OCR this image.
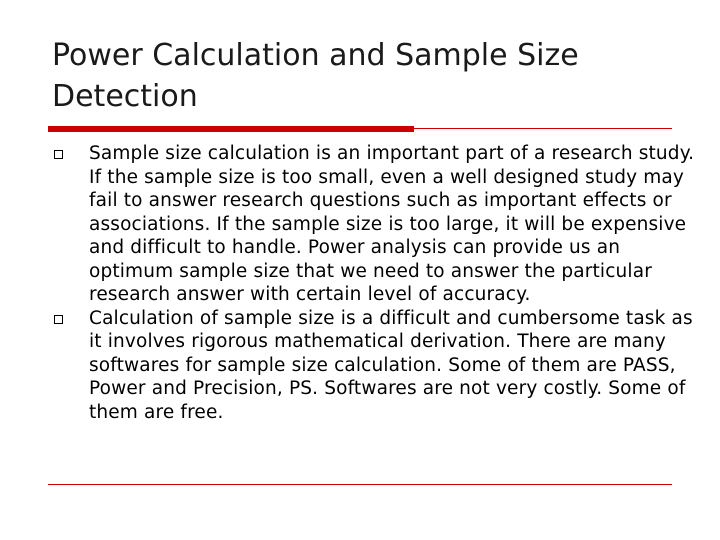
Power Calculation and Sample Size Detection
Sample size calculation is an important part of a research study. If the sample size is too small, even a well designed study may fail to answer research questions such as important effects or associations. If the sample size is too large, it will be expensive and difficult to handle. Power analysis can provide us an optimum sample size that we need to answer the particular research answer with certain level of accuracy.
Calculation of sample size is a difficult and cumbersome task as it involves rigorous mathematical derivation. There are many softwares for sample size calculation. Some of them are PASS, Power and Precision, PS. Softwares are not very costly. Some of them are free.
